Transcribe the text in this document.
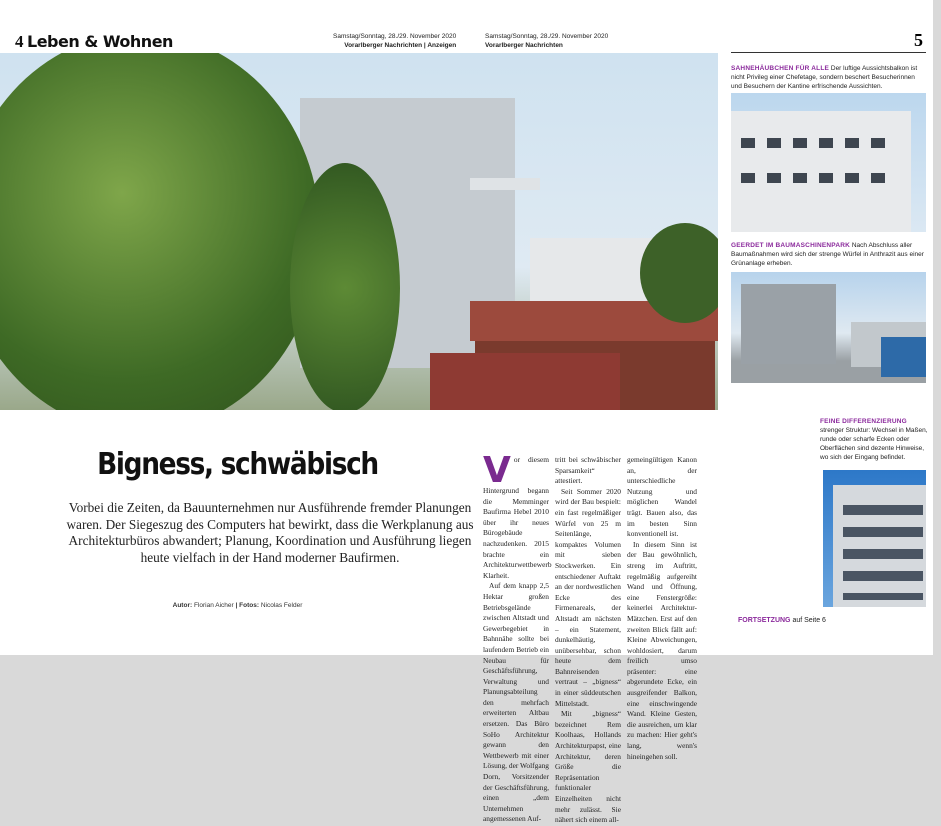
4 Leben & Wohnen	Samstag/Sonntag, 28./29. November 2020
Vorarlberger Nachrichten | Anzeigen
Samstag/Sonntag, 28./29. November 2020
Vorarlberger Nachrichten	5
SAHNEHÄUBCHEN FÜR ALLE Der luftige Aussichtsbalkon ist nicht Privileg einer Chefetage, sondern beschert Besucherinnen und Besuchern der Kantine erfrischende Aussichten.
GEERDET IM BAUMASCHINENPARK Nach Abschluss aller Baumaßnahmen wird sich der strenge Würfel in Anthrazit aus einer Grünanlage erheben.
FEINE DIFFERENZIERUNG strenger Struktur: Wechsel in Maßen, runde oder scharfe Ecken oder Oberflächen sind dezente Hinweise, wo sich der Eingang befindet.
Bigness, schwäbisch
Vorbei die Zeiten, da Bauunternehmen nur Ausführende fremder Planungen waren. Der Siegeszug des Computers hat bewirkt, dass die Werkplanung aus Architekturbüros abwandert; Planung, Koordination und Ausführung liegen heute vielfach in der Hand moderner Baufirmen.
Autor: Florian Aicher | Fotos: Nicolas Felder

Vor diesem Hintergrund begann die Memminger Baufirma Hebel 2010 über ihr neues Bürogebäude nachzudenken. 2015 brachte ein Architekturwettbewerb Klarheit.

Auf dem knapp 2,5 Hektar großen Betriebsgelände zwischen Altstadt und Gewerbegebiet in Bahnnähe sollte bei laufendem Betrieb ein Neubau für Geschäftsführung, Verwaltung und Planungsabteilung den mehrfach erweiterten Altbau ersetzen. Das Büro SoHo Architektur gewann den Wettbewerb mit einer Lösung, der Wolfgang Dorn, Vorsitzender der Geschäftsführung, einen „dem Unternehmen angemessenen Auf-

tritt bei schwäbischer Sparsamkeit“ attestiert.

Seit Sommer 2020 wird der Bau bespielt: ein fast regelmäßiger Würfel von 25 m Seitenlänge, kompaktes Volumen mit sieben Stockwerken. Ein entschiedener Auftakt an der nordwestlichen Ecke des Firmenareals, der Altstadt am nächsten – ein Statement, dunkelhäutig, unübersehbar, schon heute dem Bahnreisenden vertraut – „bigness“ in einer süddeutschen Mittelstadt.

Mit „bigness“ bezeichnet Rem Koolhaas, Hollands Architekturpapst, eine Architektur, deren Größe die Repräsentation funktionaler Einzelheiten nicht mehr zulässt. Sie nähert sich einem all-

gemeingültigen Kanon an, der unterschiedliche Nutzung und möglichen Wandel trägt. Bauen also, das im besten Sinn konventionell ist.

In diesem Sinn ist der Bau gewöhnlich, streng im Auftritt, regelmäßig aufgereiht Wand und Öffnung, eine Fenstergröße: keinerlei Architektur-Mätzchen. Erst auf den zweiten Blick fällt auf: Kleine Abweichungen, wohldosiert, darum freilich umso präsenter: eine abgerundete Ecke, ein ausgreifender Balkon, eine einschwingende Wand. Kleine Gesten, die ausreichen, um klar zu machen: Hier geht's lang, wenn's hineingehen soll.

FORTSETZUNG auf Seite 6
